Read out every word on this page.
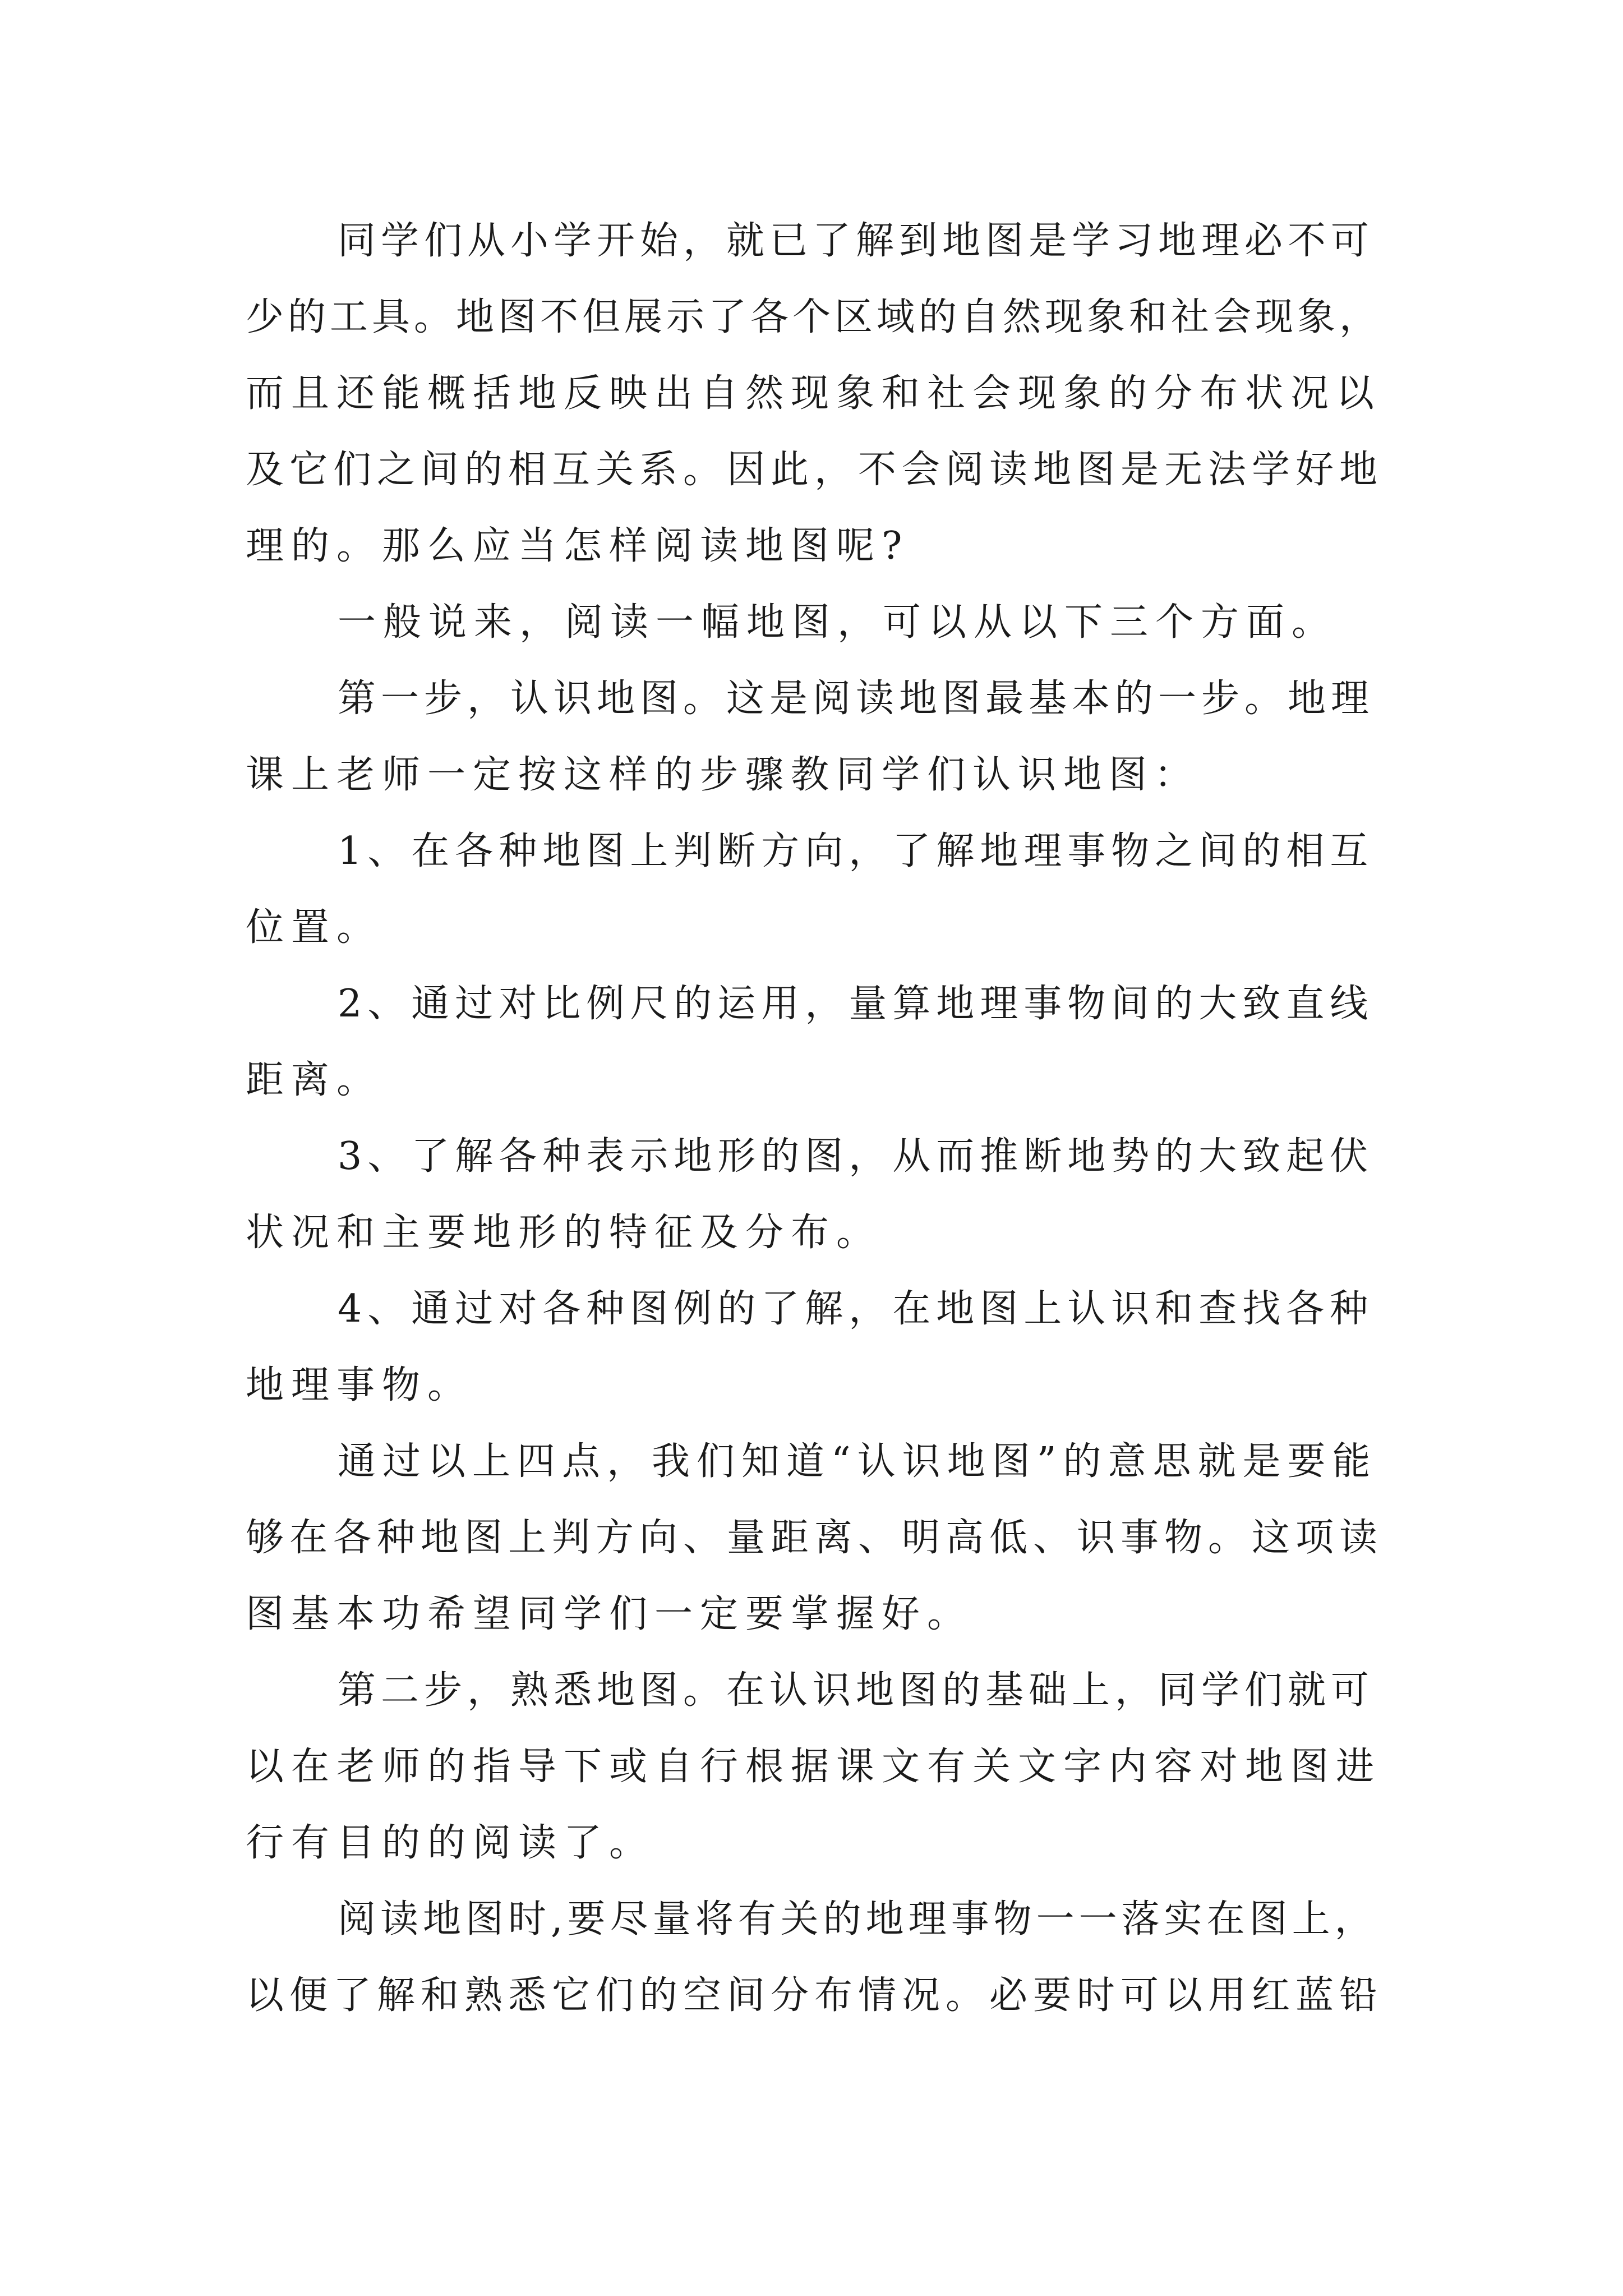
同学们从小学开始，就已了解到地图是学习地理必不可

少的工具。地图不但展示了各个区域的自然现象和社会现象，

而且还能概括地反映出自然现象和社会现象的分布状况以

及它们之间的相互关系。因此，不会阅读地图是无法学好地

理的。那么应当怎样阅读地图呢?

一般说来，阅读一幅地图，可以从以下三个方面。

第一步，认识地图。这是阅读地图最基本的一步。地理

课上老师一定按这样的步骤教同学们认识地图：

1、在各种地图上判断方向，了解地理事物之间的相互

位置。

2、通过对比例尺的运用，量算地理事物间的大致直线

距离。

3、了解各种表示地形的图，从而推断地势的大致起伏

状况和主要地形的特征及分布。

4、通过对各种图例的了解，在地图上认识和查找各种

地理事物。

通过以上四点，我们知道“认识地图”的意思就是要能

够在各种地图上判方向、量距离、明高低、识事物。这项读

图基本功希望同学们一定要掌握好。

第二步，熟悉地图。在认识地图的基础上，同学们就可

以在老师的指导下或自行根据课文有关文字内容对地图进

行有目的的阅读了。

阅读地图时,要尽量将有关的地理事物一一落实在图上，

以便了解和熟悉它们的空间分布情况。必要时可以用红蓝铅
